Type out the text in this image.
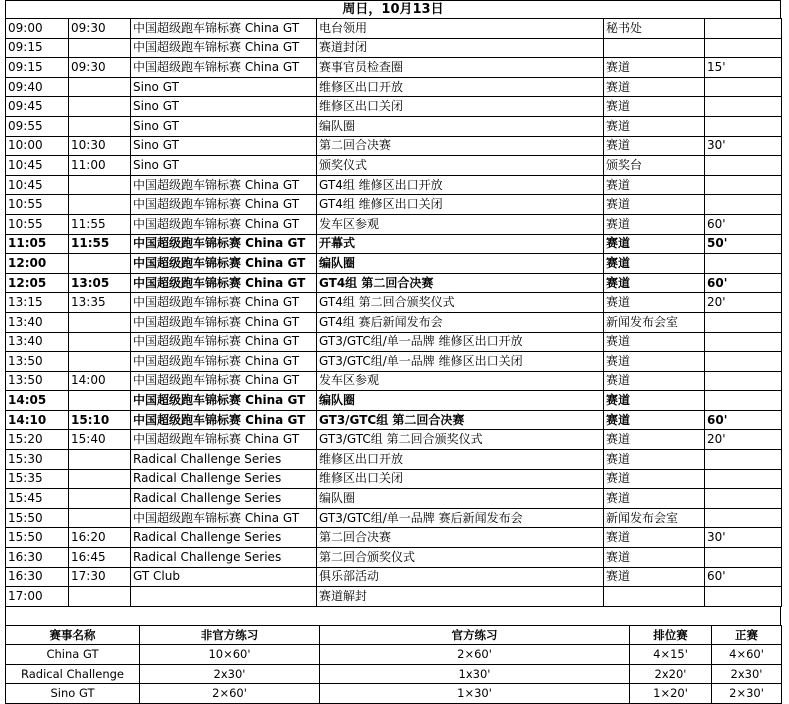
周日，10月13日
09:00	09:30	中国超级跑车锦标赛 China GT	电台领用	秘书处	
09:15		中国超级跑车锦标赛 China GT	赛道封闭		
09:15	09:30	中国超级跑车锦标赛 China GT	赛事官员检查圈	赛道	15'
09:40		Sino GT	维修区出口开放	赛道	
09:45		Sino GT	维修区出口关闭	赛道	
09:55		Sino GT	编队圈	赛道	
10:00	10:30	Sino GT	第二回合决赛	赛道	30'
10:45	11:00	Sino GT	颁奖仪式	颁奖台	
10:45		中国超级跑车锦标赛 China GT	GT4组 维修区出口开放	赛道	
10:55		中国超级跑车锦标赛 China GT	GT4组 维修区出口关闭	赛道	
10:55	11:55	中国超级跑车锦标赛 China GT	发车区参观	赛道	60'
11:05	11:55	中国超级跑车锦标赛 China GT	开幕式	赛道	50'
12:00		中国超级跑车锦标赛 China GT	编队圈	赛道	
12:05	13:05	中国超级跑车锦标赛 China GT	GT4组 第二回合决赛	赛道	60'
13:15	13:35	中国超级跑车锦标赛 China GT	GT4组 第二回合颁奖仪式	赛道	20'
13:40		中国超级跑车锦标赛 China GT	GT4组 赛后新闻发布会	新闻发布会室	
13:40		中国超级跑车锦标赛 China GT	GT3/GTC组/单一品牌 维修区出口开放	赛道	
13:50		中国超级跑车锦标赛 China GT	GT3/GTC组/单一品牌 维修区出口关闭	赛道	
13:50	14:00	中国超级跑车锦标赛 China GT	发车区参观	赛道	
14:05		中国超级跑车锦标赛 China GT	编队圈	赛道	
14:10	15:10	中国超级跑车锦标赛 China GT	GT3/GTC组 第二回合决赛	赛道	60'
15:20	15:40	中国超级跑车锦标赛 China GT	GT3/GTC组 第二回合颁奖仪式	赛道	20'
15:30		Radical Challenge Series	维修区出口开放	赛道	
15:35		Radical Challenge Series	维修区出口关闭	赛道	
15:45		Radical Challenge Series	编队圈	赛道	
15:50		中国超级跑车锦标赛 China GT	GT3/GTC组/单一品牌 赛后新闻发布会	新闻发布会室	
15:50	16:20	Radical Challenge Series	第二回合决赛	赛道	30'
16:30	16:45	Radical Challenge Series	第二回合颁奖仪式	赛道	
16:30	17:30	GT Club	俱乐部活动	赛道	60'
17:00			赛道解封		
赛事名称	非官方练习	官方练习	排位赛	正赛
China GT	10×60'	2×60'	4×15'	4×60'
Radical Challenge	2x30'	1x30'	2x20'	2x30'
Sino GT	2×60'	1×30'	1×20'	2×30'
